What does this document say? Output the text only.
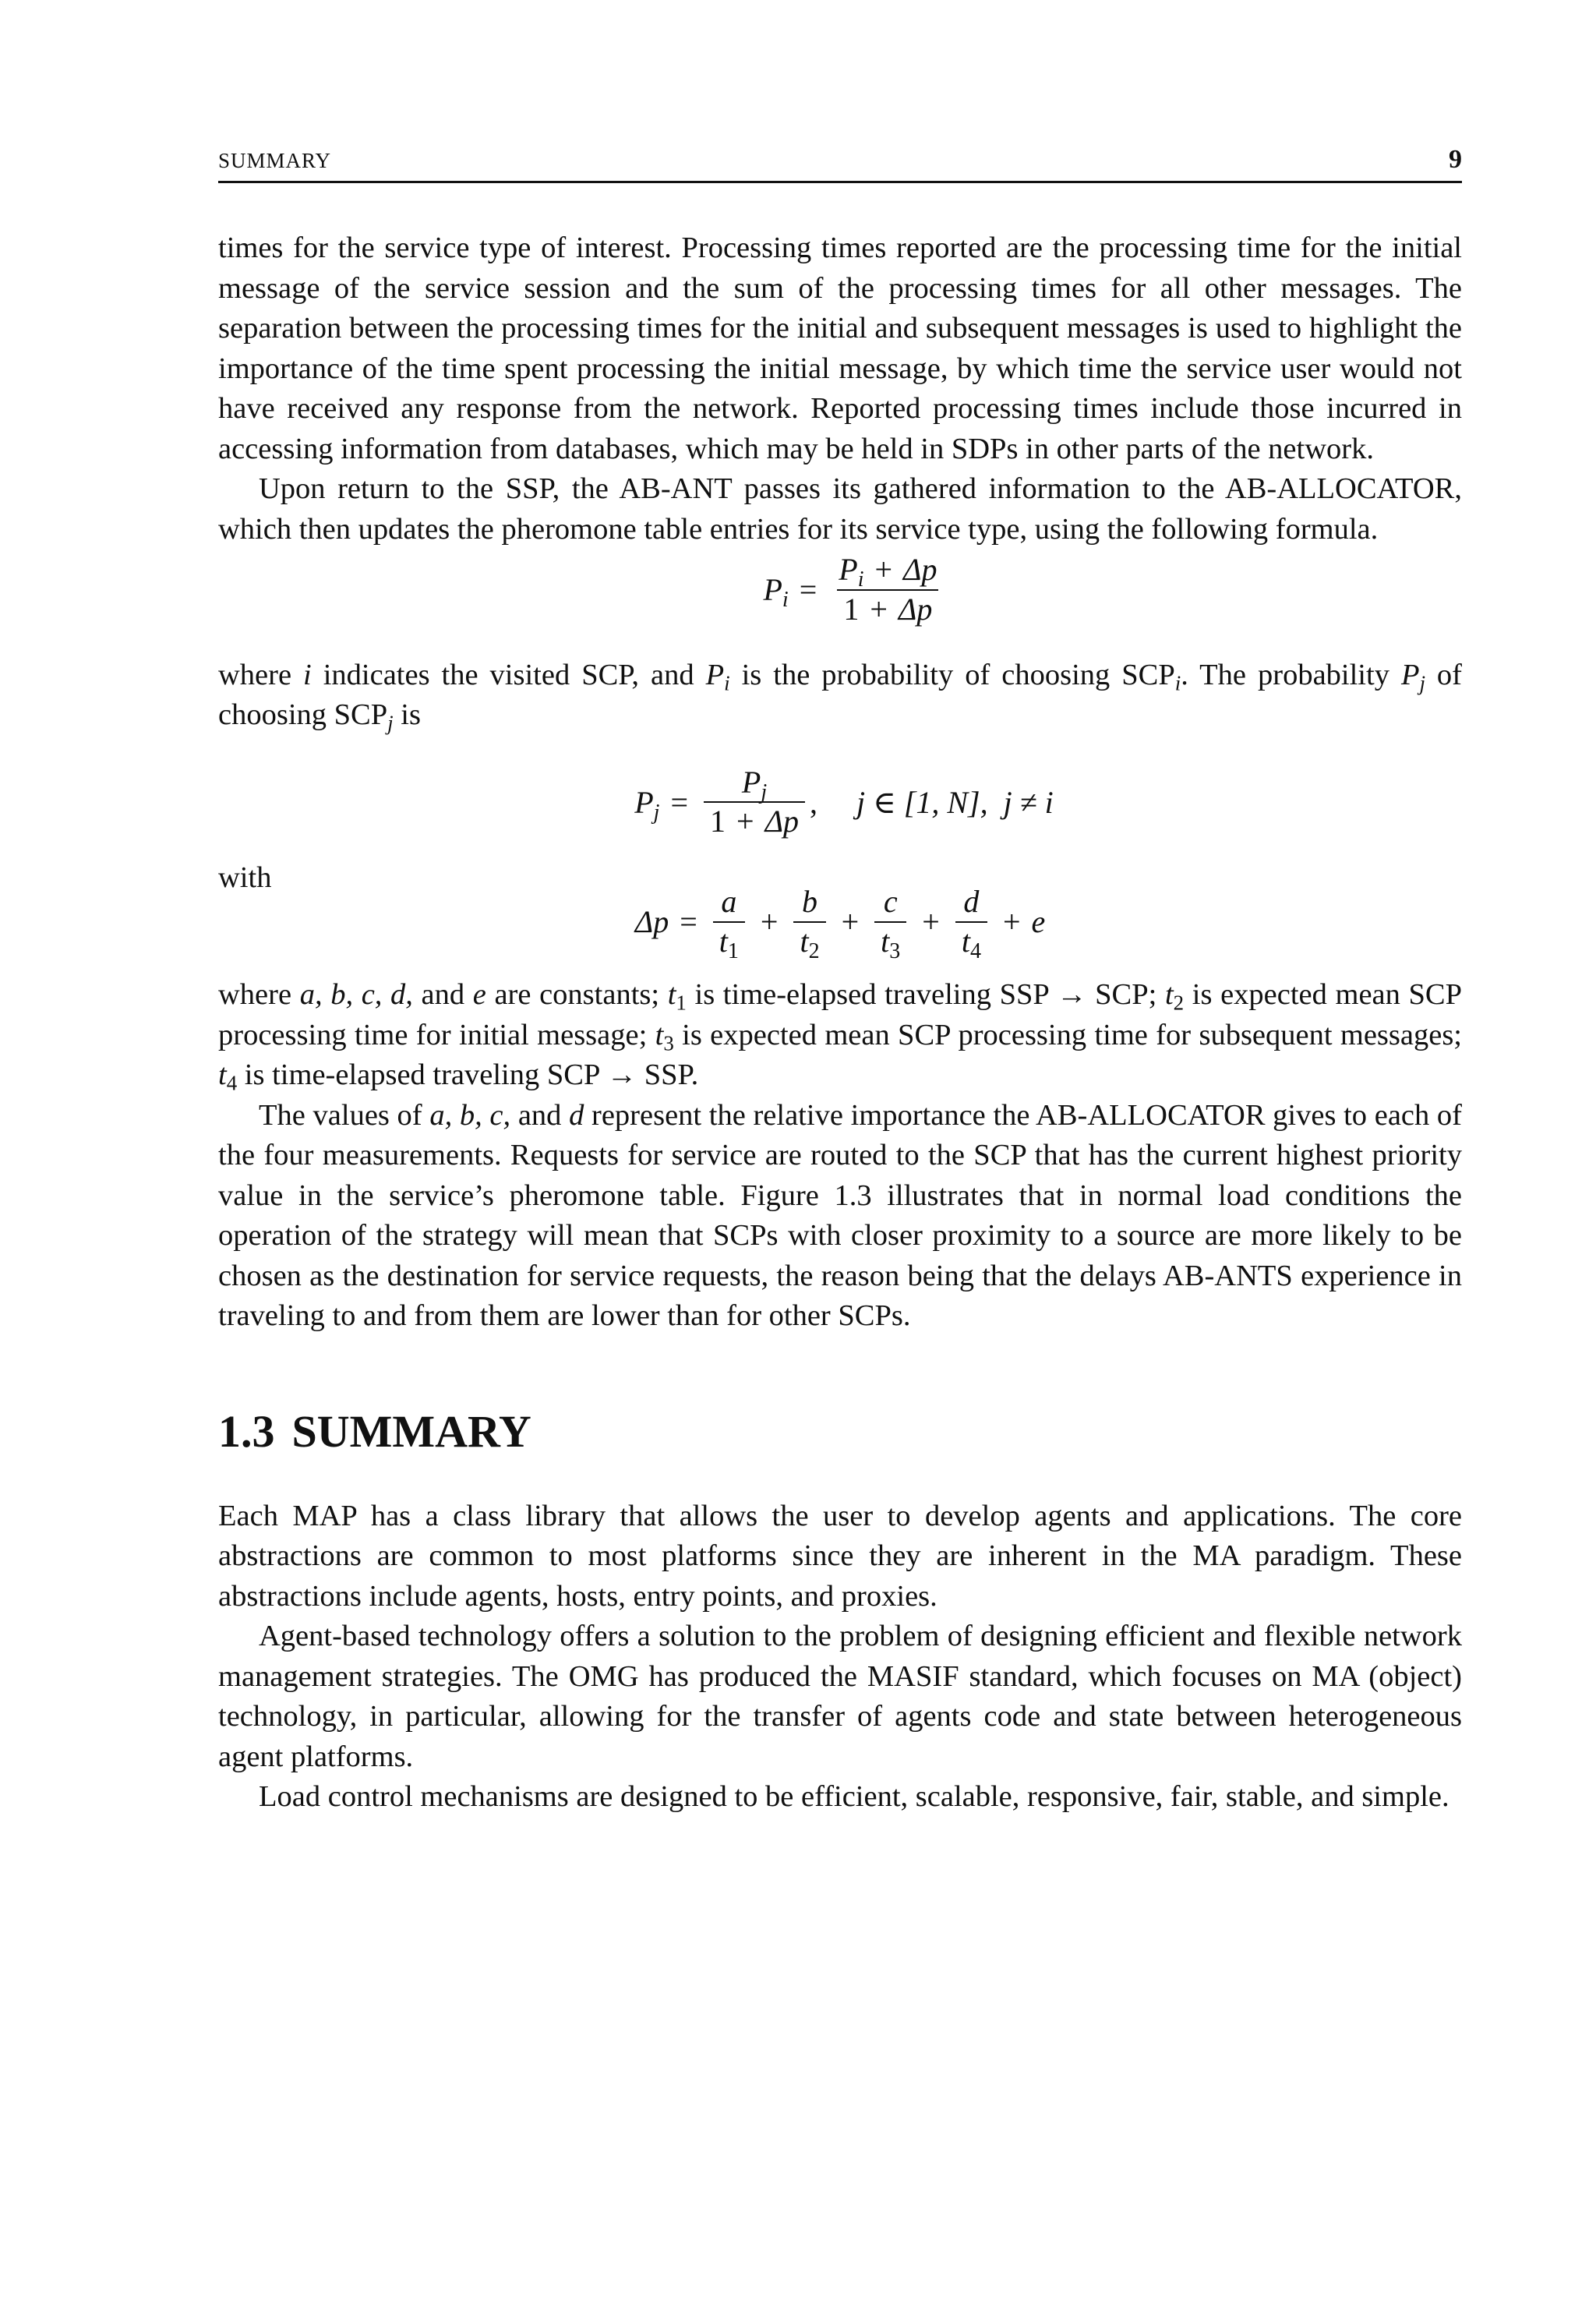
SUMMARY	9

times for the service type of interest. Processing times reported are the processing time for the initial message of the service session and the sum of the processing times for all other messages. The separation between the processing times for the initial and subsequent messages is used to highlight the importance of the time spent processing the initial message, by which time the service user would not have received any response from the network. Reported processing times include those incurred in accessing information from databases, which may be held in SDPs in other parts of the network.

Upon return to the SSP, the AB-ANT passes its gathered information to the AB-ALLOCATOR, which then updates the pheromone table entries for its service type, using the following formula.

$P_i = \frac{P_i + \Delta p}{1 + \Delta p}$

where i indicates the visited SCP, and $P_i$ is the probability of choosing $SCP_i$. The probability $P_j$ of choosing $SCP_j$ is

$P_j = \frac{P_j}{1 + \Delta p}$ , j ∈ [1, N], j ≠ i
with
$\Delta p = \frac{a}{t_1} + \frac{b}{t_2} + \frac{c}{t_3} + \frac{d}{t_4} + e$

where a, b, c, d, and e are constants; $t_1$ is time-elapsed traveling SSP → SCP; $t_2$ is expected mean SCP processing time for initial message; $t_3$ is expected mean SCP processing time for subsequent messages; $t_4$ is time-elapsed traveling SCP → SSP.

The values of a, b, c, and d represent the relative importance the AB-ALLOCATOR gives to each of the four measurements. Requests for service are routed to the SCP that has the current highest priority value in the service’s pheromone table. Figure 1.3 illustrates that in normal load conditions the operation of the strategy will mean that SCPs with closer proximity to a source are more likely to be chosen as the destination for service requests, the reason being that the delays AB-ANTS experience in traveling to and from them are lower than for other SCPs.

1.3 SUMMARY

Each MAP has a class library that allows the user to develop agents and applications. The core abstractions are common to most platforms since they are inherent in the MA paradigm. These abstractions include agents, hosts, entry points, and proxies.

Agent-based technology offers a solution to the problem of designing efficient and flexible network management strategies. The OMG has produced the MASIF standard, which focuses on MA (object) technology, in particular, allowing for the transfer of agents code and state between heterogeneous agent platforms.

Load control mechanisms are designed to be efficient, scalable, responsive, fair, stable, and simple.
